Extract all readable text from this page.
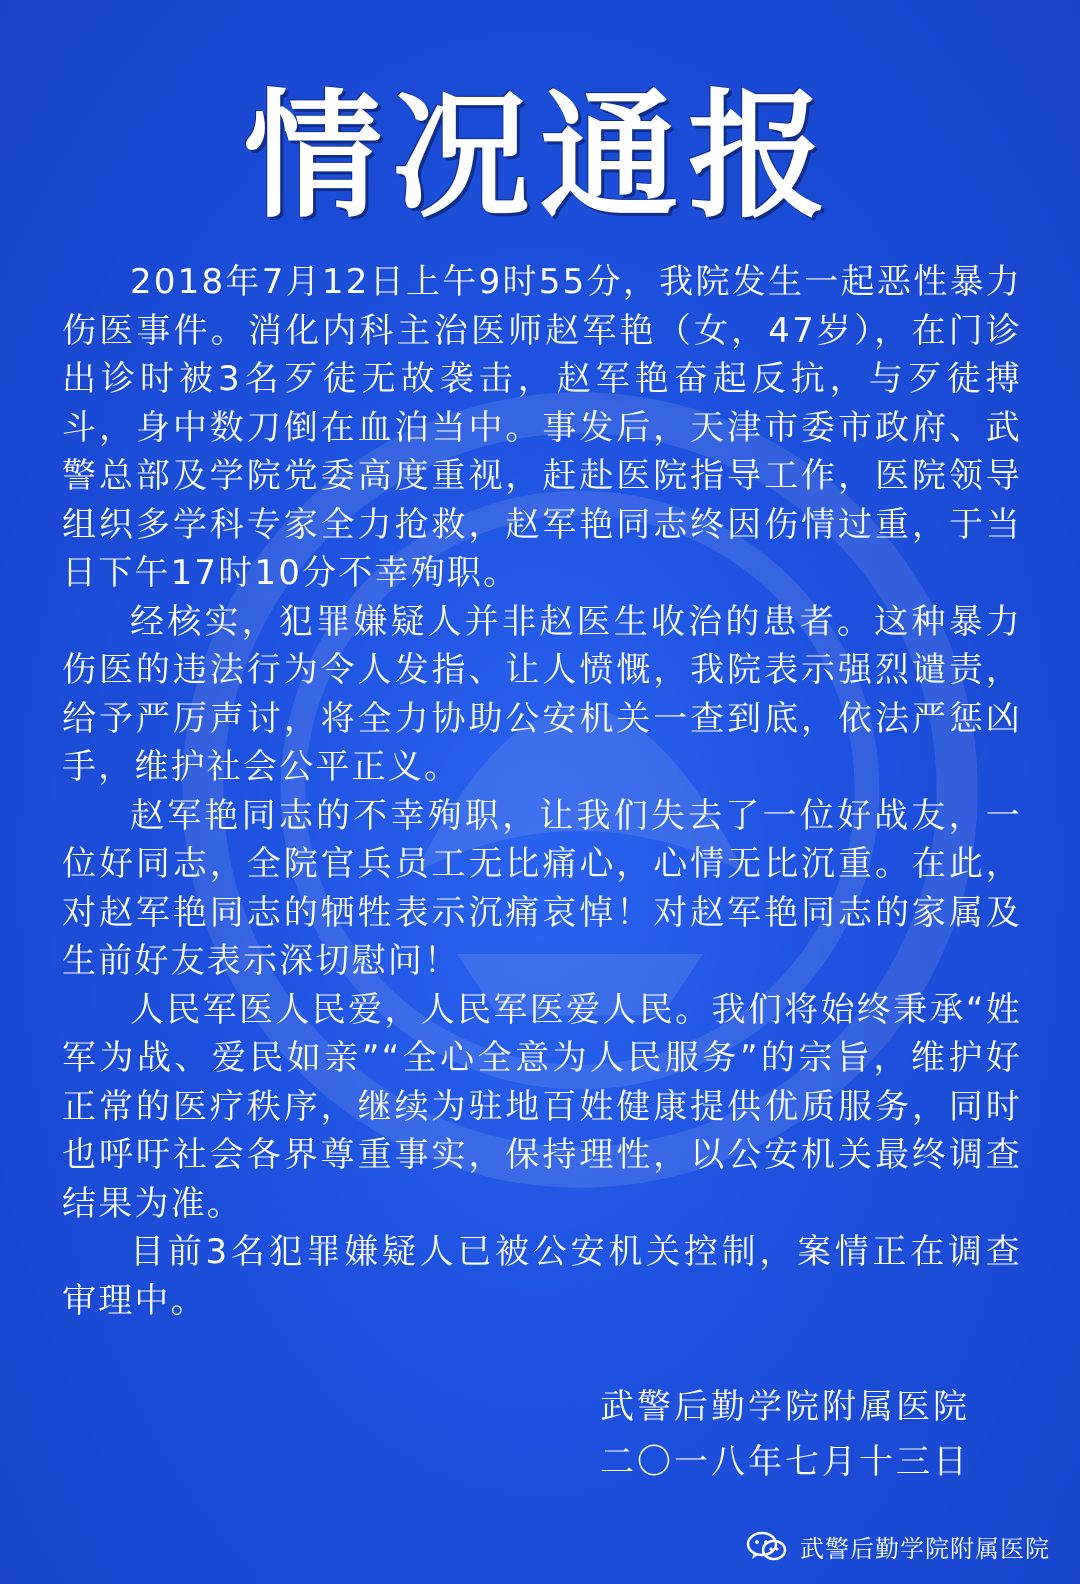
情况通报

2018年7月12日上午9时55分，我院发生一起恶性暴力伤医事件。消化内科主治医师赵军艳（女，47岁），在门诊出诊时被3名歹徒无故袭击，赵军艳奋起反抗，与歹徒搏斗，身中数刀倒在血泊当中。事发后，天津市委市政府、武警总部及学院党委高度重视，赶赴医院指导工作，医院领导组织多学科专家全力抢救，赵军艳同志终因伤情过重，于当日下午17时10分不幸殉职。

经核实，犯罪嫌疑人并非赵医生收治的患者。这种暴力伤医的违法行为令人发指、让人愤慨，我院表示强烈谴责，给予严厉声讨，将全力协助公安机关一查到底，依法严惩凶手，维护社会公平正义。

赵军艳同志的不幸殉职，让我们失去了一位好战友，一位好同志，全院官兵员工无比痛心，心情无比沉重。在此，对赵军艳同志的牺牲表示沉痛哀悼！对赵军艳同志的家属及生前好友表示深切慰问！

人民军医人民爱，人民军医爱人民。我们将始终秉承“姓军为战、爱民如亲”“全心全意为人民服务”的宗旨，维护好正常的医疗秩序，继续为驻地百姓健康提供优质服务，同时也呼吁社会各界尊重事实，保持理性，以公安机关最终调查结果为准。

目前3名犯罪嫌疑人已被公安机关控制，案情正在调查审理中。

武警后勤学院附属医院
二〇一八年七月十三日
武警后勤学院附属医院
